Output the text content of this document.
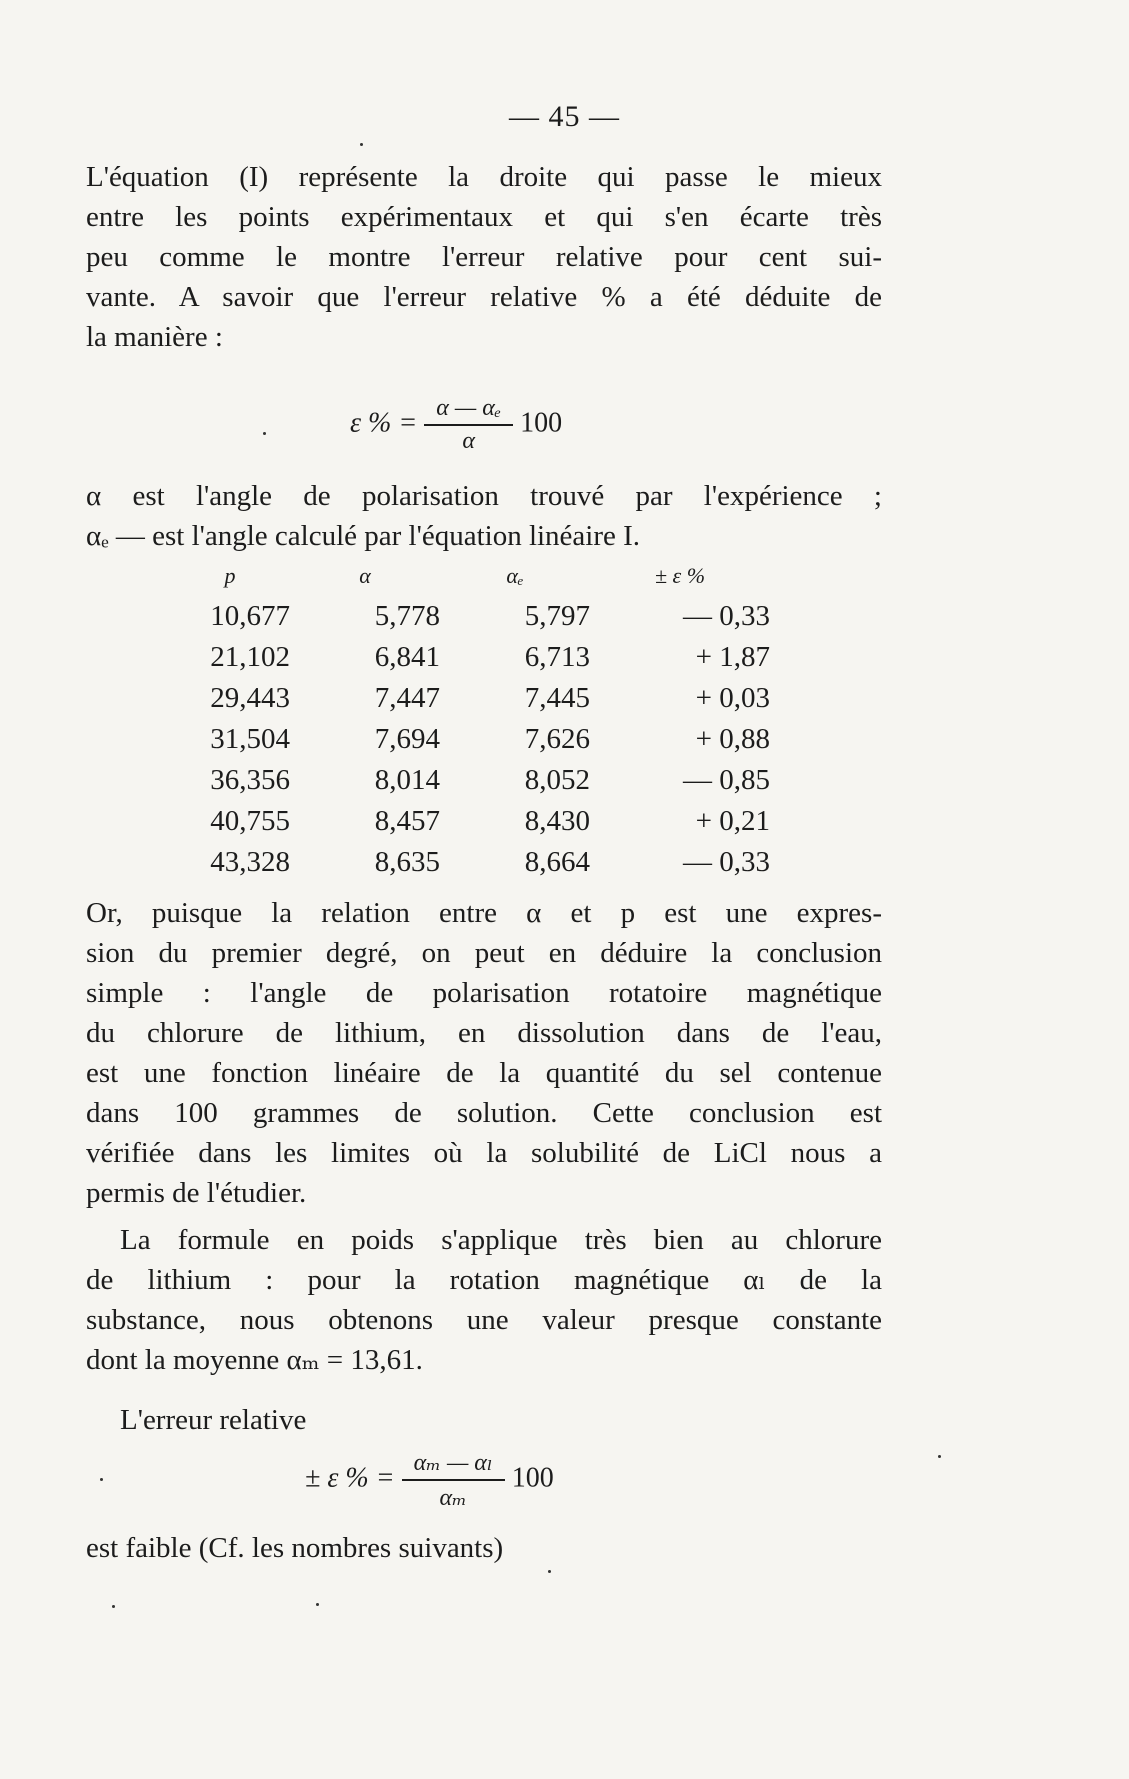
— 45 —
L'équation (I) représente la droite qui passe le mieux
entre les points expérimentaux et qui s'en écarte très
peu comme le montre l'erreur relative pour cent sui-
vante. A savoir que l'erreur relative % a été déduite de
la manière :
ε % = $\frac{\text{α — αₑ}}{\alpha} 100$
α est l'angle de polarisation trouvé par l'expérience ;
αₑ — est l'angle calculé par l'équation linéaire I.
p	α	αₑ	± ε %
10,677	5,778	5,797	— 0,33
21,102	6,841	6,713	+ 1,87
29,443	7,447	7,445	+ 0,03
31,504	7,694	7,626	+ 0,88
36,356	8,014	8,052	— 0,85
40,755	8,457	8,430	+ 0,21
43,328	8,635	8,664	— 0,33
Or, puisque la relation entre α et p est une expres-
sion du premier degré, on peut en déduire la conclusion
simple : l'angle de polarisation rotatoire magnétique
du chlorure de lithium, en dissolution dans de l'eau,
est une fonction linéaire de la quantité du sel contenue
dans 100 grammes de solution. Cette conclusion est
vérifiée dans les limites où la solubilité de LiCl nous a
permis de l'étudier.
La formule en poids s'applique très bien au chlorure
de lithium : pour la rotation magnétique αₗ de la
substance, nous obtenons une valeur presque constante
dont la moyenne αₘ = 13,61.
L'erreur relative
± ε % = $\frac{\text{αₘ — αₗ}}{\text{αₘ}} 100$
est faible (Cf. les nombres suivants)
